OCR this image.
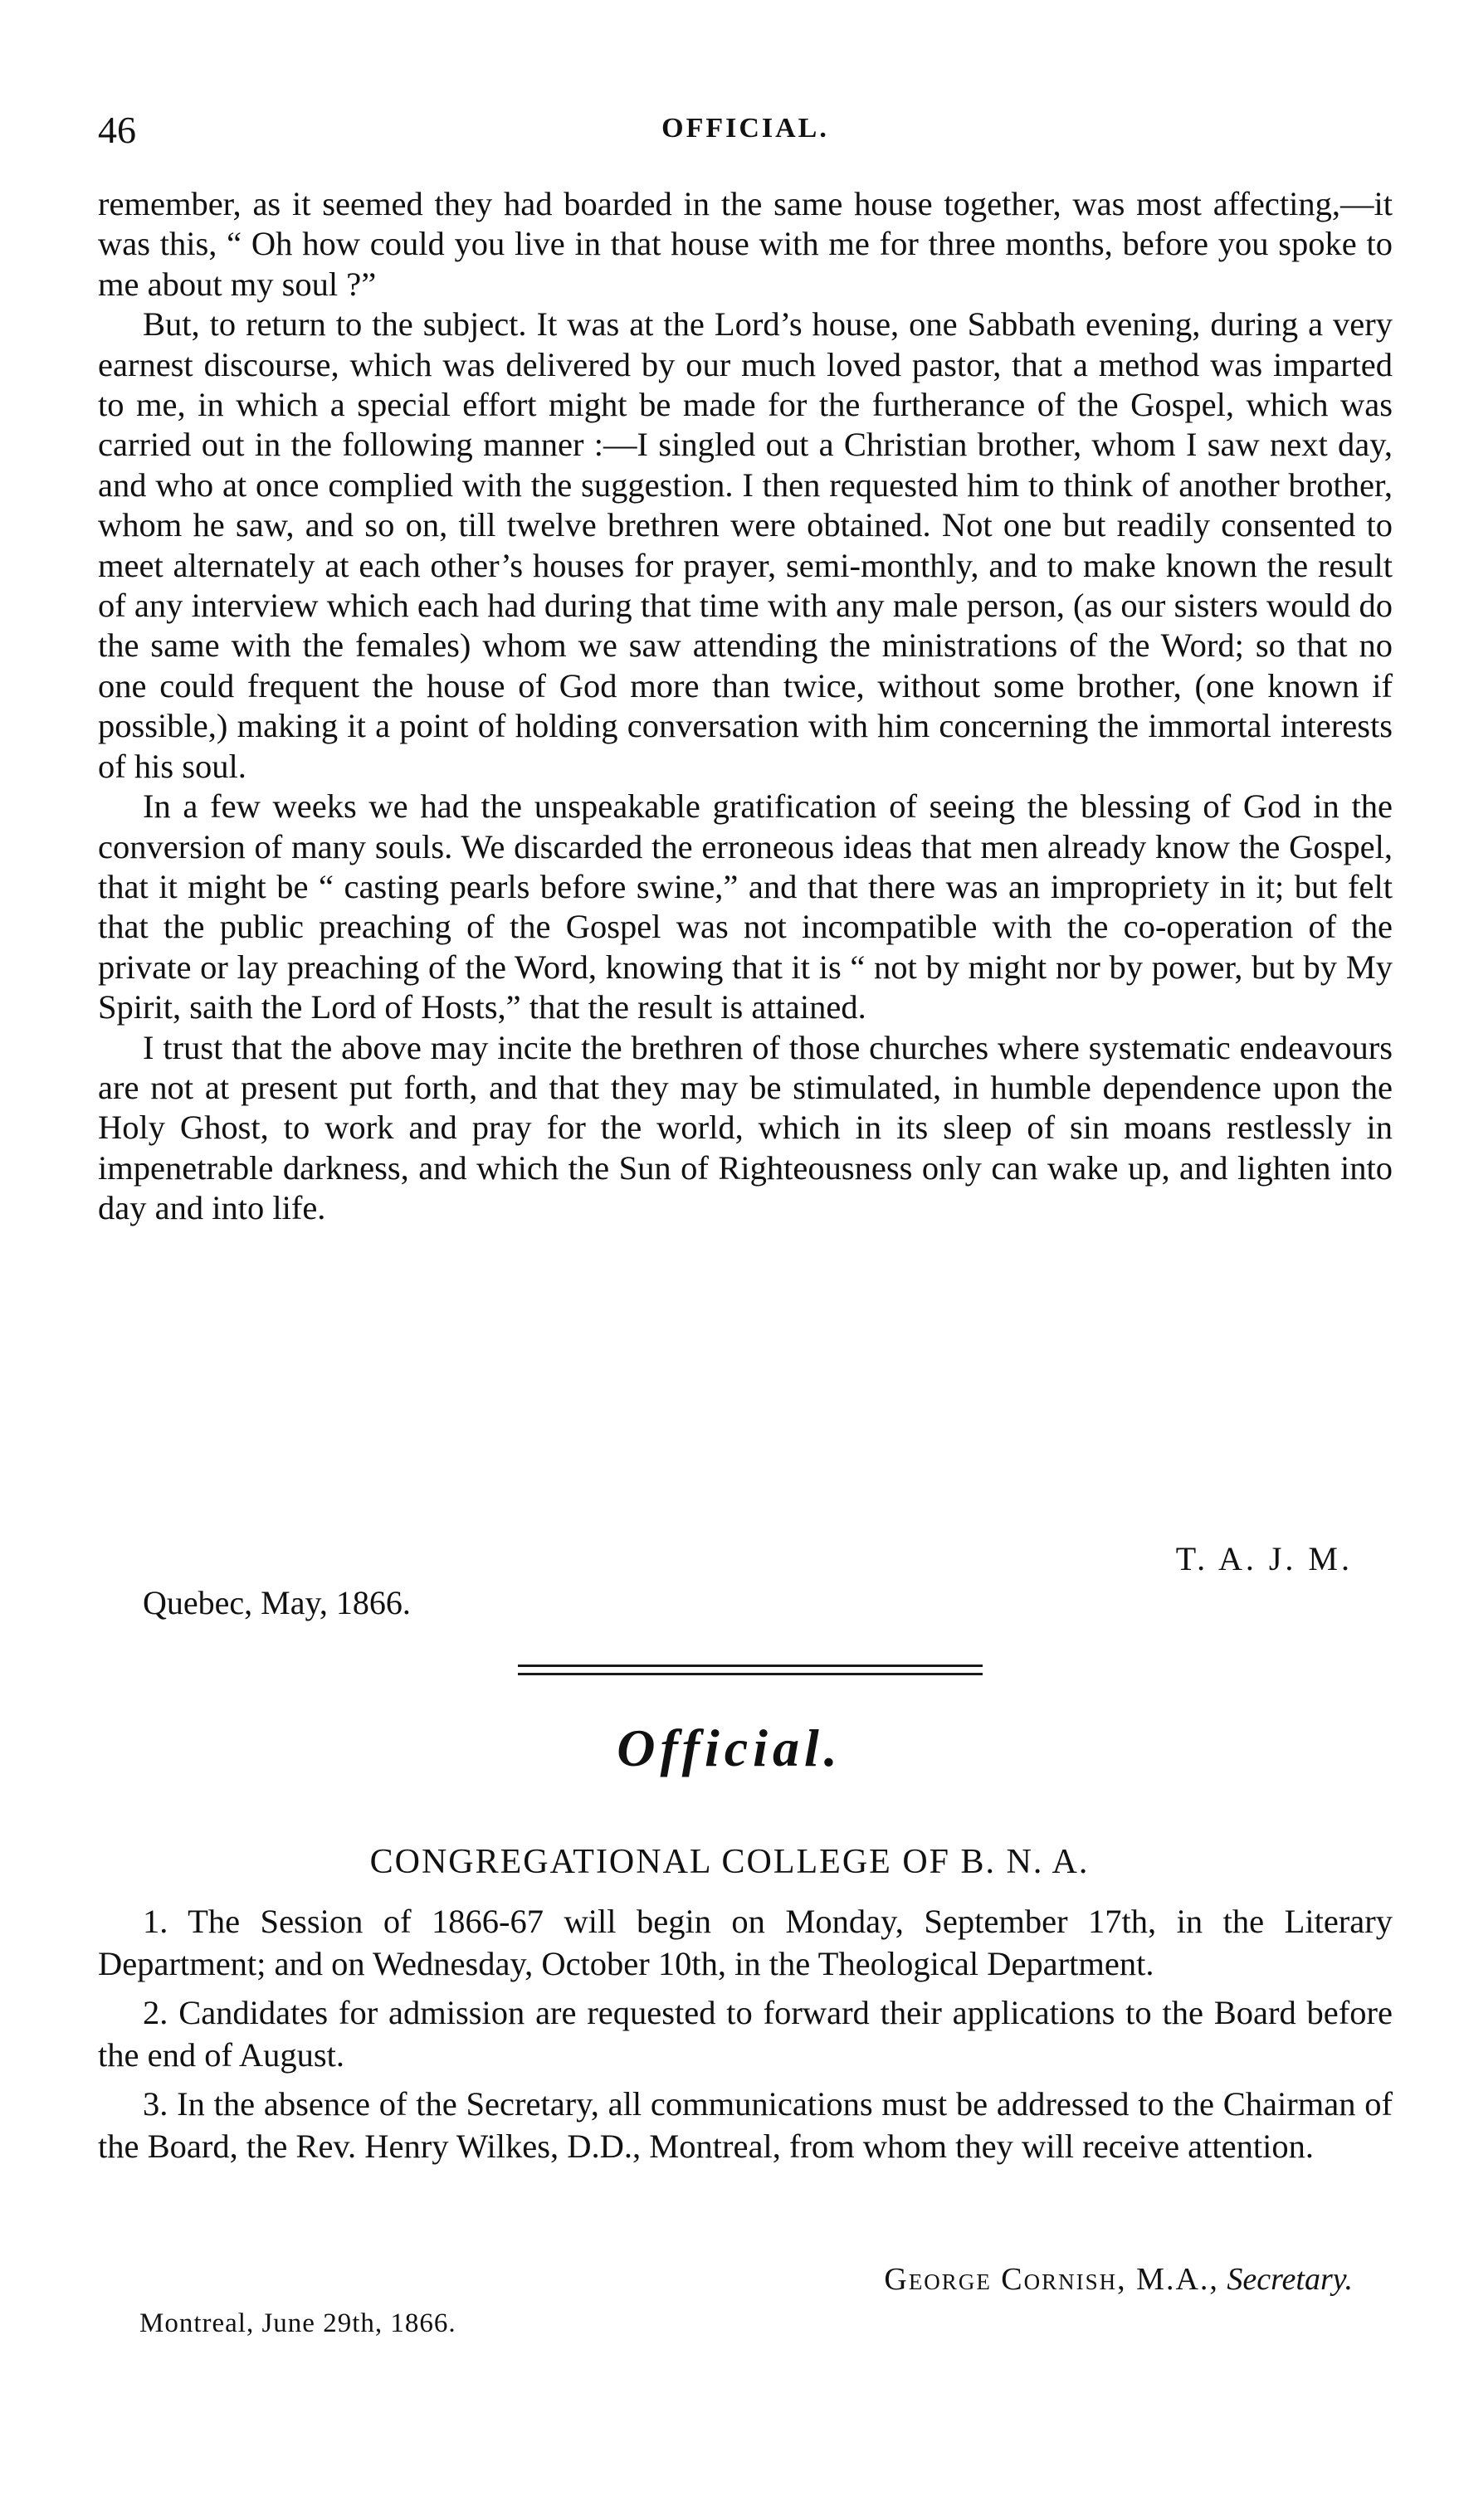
46	OFFICIAL.

remember, as it seemed they had boarded in the same house together, was most affecting,—it was this, “ Oh how could you live in that house with me for three months, before you spoke to me about my soul ?”

But, to return to the subject. It was at the Lord’s house, one Sabbath evening, during a very earnest discourse, which was delivered by our much loved pastor, that a method was imparted to me, in which a special effort might be made for the furtherance of the Gospel, which was carried out in the following manner :—I singled out a Christian brother, whom I saw next day, and who at once complied with the suggestion. I then requested him to think of another brother, whom he saw, and so on, till twelve brethren were obtained. Not one but readily consented to meet alternately at each other’s houses for prayer, semi-monthly, and to make known the result of any interview which each had during that time with any male person, (as our sisters would do the same with the females) whom we saw attending the ministrations of the Word; so that no one could frequent the house of God more than twice, without some brother, (one known if possible,) making it a point of holding conversation with him concerning the immortal interests of his soul.

In a few weeks we had the unspeakable gratification of seeing the blessing of God in the conversion of many souls. We discarded the erroneous ideas that men already know the Gospel, that it might be “ casting pearls before swine,” and that there was an impropriety in it; but felt that the public preaching of the Gospel was not incompatible with the co-operation of the private or lay preaching of the Word, knowing that it is “ not by might nor by power, but by My Spirit, saith the Lord of Hosts,” that the result is attained.

I trust that the above may incite the brethren of those churches where systematic endeavours are not at present put forth, and that they may be stimulated, in humble dependence upon the Holy Ghost, to work and pray for the world, which in its sleep of sin moans restlessly in impenetrable darkness, and which the Sun of Righteousness only can wake up, and lighten into day and into life.

T. A. J. M.
Quebec, May, 1866.
Official.
CONGREGATIONAL COLLEGE OF B. N. A.

1. The Session of 1866-67 will begin on Monday, September 17th, in the Literary Department; and on Wednesday, October 10th, in the Theological Department.

2. Candidates for admission are requested to forward their applications to the Board before the end of August.

3. In the absence of the Secretary, all communications must be addressed to the Chairman of the Board, the Rev. Henry Wilkes, D.D., Montreal, from whom they will receive attention.

George Cornish, M.A., Secretary.
Montreal, June 29th, 1866.
